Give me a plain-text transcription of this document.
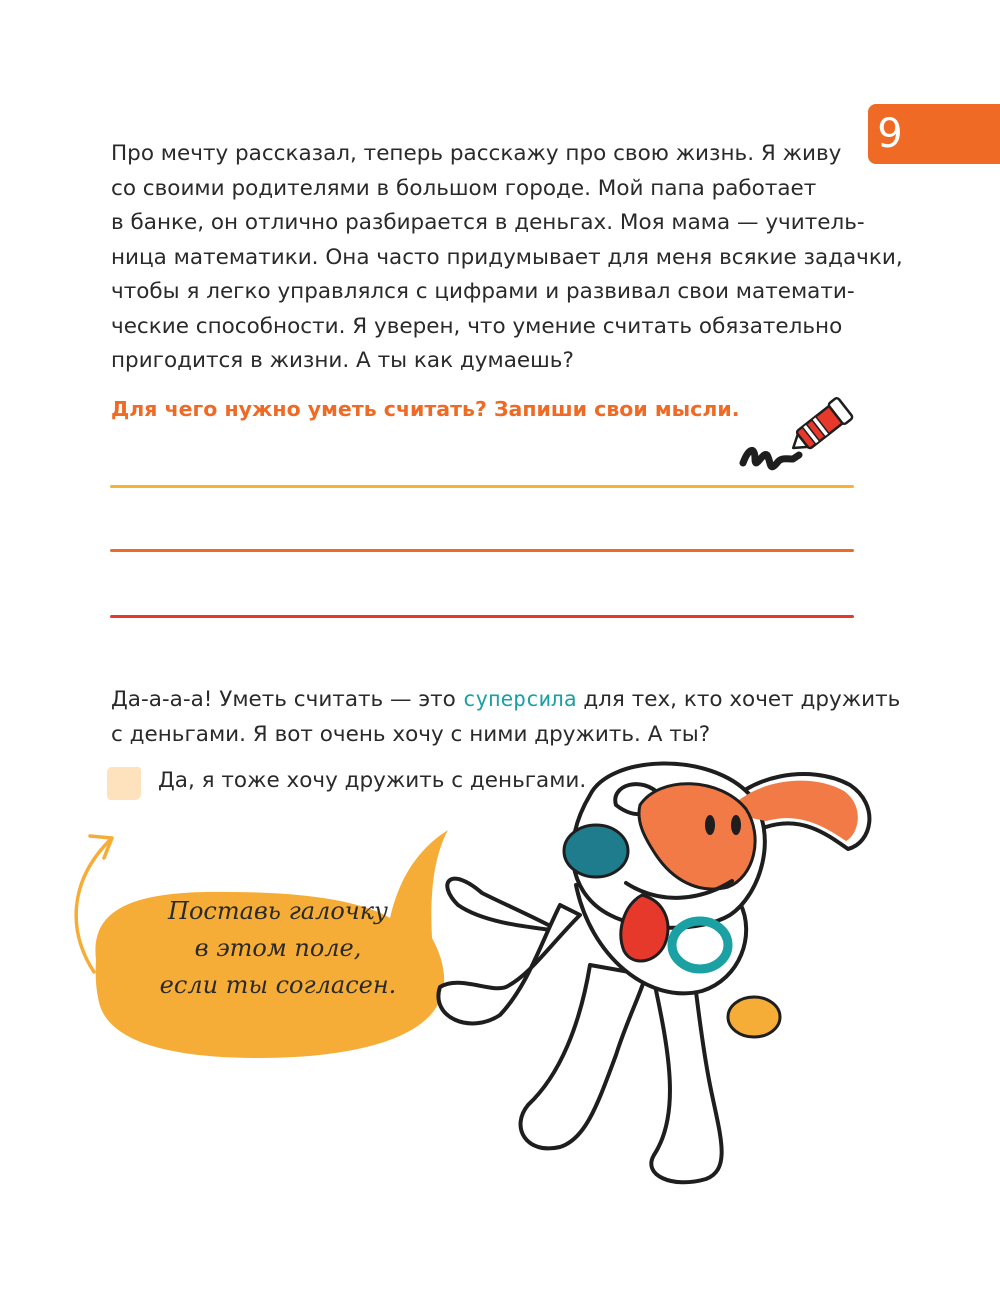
9

Про мечту рассказал, теперь расскажу про свою жизнь. Я живу
со своими родителями в большом городе. Мой папа работает
в банке, он отлично разбирается в деньгах. Моя мама — учитель-
ница математики. Она часто придумывает для меня всякие задачки,
чтобы я легко управлялся с цифрами и развивал свои математи-
ческие способности. Я уверен, что умение считать обязательно
пригодится в жизни. А ты как думаешь?

Для чего нужно уметь считать? Запиши свои мысли.

Да-а-а-а! Уметь считать — это суперсила для тех, кто хочет дружить
с деньгами. Я вот очень хочу с ними дружить. А ты?

Да, я тоже хочу дружить с деньгами.
Поставь галочку
в этом поле,
если ты согласен.
